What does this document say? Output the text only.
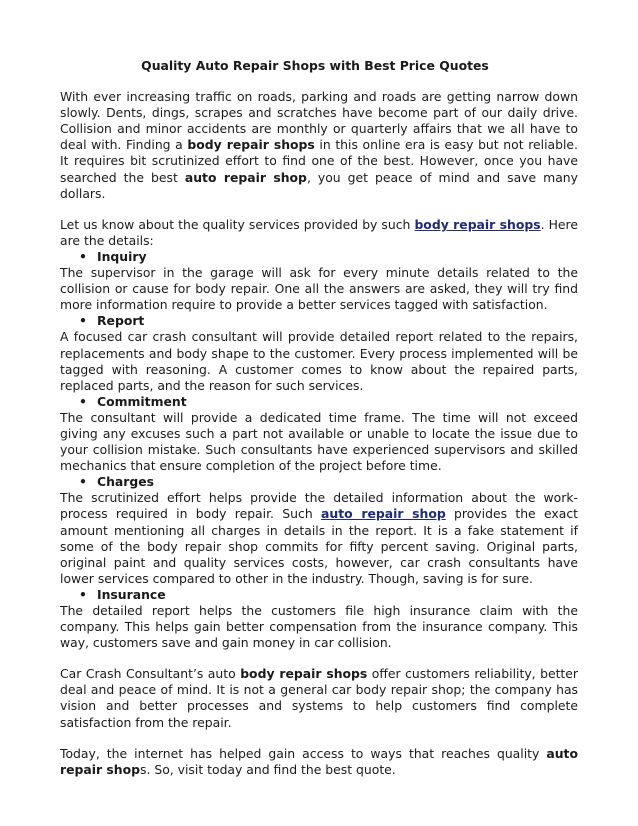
Quality Auto Repair Shops with Best Price Quotes

With ever increasing traffic on roads, parking and roads are getting narrow down slowly. Dents, dings, scrapes and scratches have become part of our daily drive. Collision and minor accidents are monthly or quarterly affairs that we all have to deal with. Finding a body repair shops in this online era is easy but not reliable. It requires bit scrutinized effort to find one of the best. However, once you have searched the best auto repair shop, you get peace of mind and save many dollars.

Let us know about the quality services provided by such body repair shops. Here are the details:

• Inquiry

The supervisor in the garage will ask for every minute details related to the collision or cause for body repair. One all the answers are asked, they will try find more information require to provide a better services tagged with satisfaction.

• Report

A focused car crash consultant will provide detailed report related to the repairs, replacements and body shape to the customer. Every process implemented will be tagged with reasoning. A customer comes to know about the repaired parts, replaced parts, and the reason for such services.

• Commitment

The consultant will provide a dedicated time frame. The time will not exceed giving any excuses such a part not available or unable to locate the issue due to your collision mistake. Such consultants have experienced supervisors and skilled mechanics that ensure completion of the project before time.

• Charges

The scrutinized effort helps provide the detailed information about the work-process required in body repair. Such auto repair shop provides the exact amount mentioning all charges in details in the report. It is a fake statement if some of the body repair shop commits for fifty percent saving. Original parts, original paint and quality services costs, however, car crash consultants have lower services compared to other in the industry. Though, saving is for sure.

• Insurance

The detailed report helps the customers file high insurance claim with the company. This helps gain better compensation from the insurance company. This way, customers save and gain money in car collision.

Car Crash Consultant’s auto body repair shops offer customers reliability, better deal and peace of mind. It is not a general car body repair shop; the company has vision and better processes and systems to help customers find complete satisfaction from the repair.

Today, the internet has helped gain access to ways that reaches quality auto repair shops. So, visit today and find the best quote.
